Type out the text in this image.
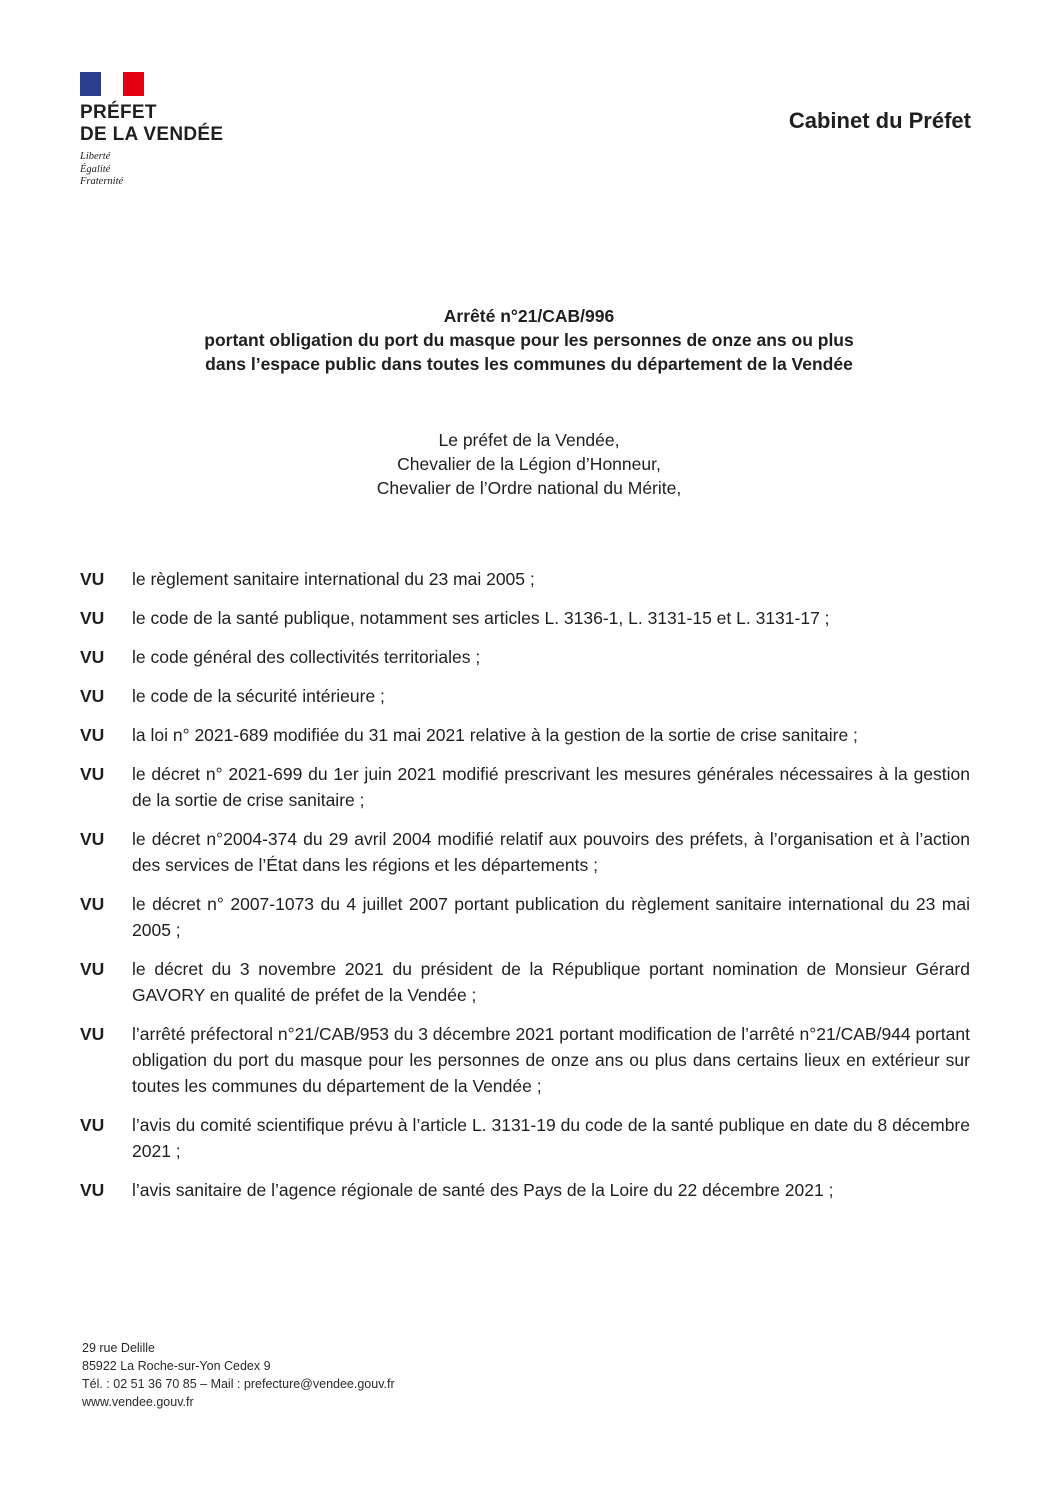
PRÉFET
DE LA VENDÉE
Liberté
Égalité
Fraternité
Cabinet du Préfet
Arrêté n°21/CAB/996
portant obligation du port du masque pour les personnes de onze ans ou plus
dans l’espace public dans toutes les communes du département de la Vendée
Le préfet de la Vendée,
Chevalier de la Légion d’Honneur,
Chevalier de l’Ordre national du Mérite,
VU	le règlement sanitaire international du 23 mai 2005 ;
VU	le code de la santé publique, notamment ses articles L. 3136-1, L. 3131-15 et L. 3131-17 ;
VU	le code général des collectivités territoriales ;
VU	le code de la sécurité intérieure ;
VU	la loi n° 2021-689 modifiée du 31 mai 2021 relative à la gestion de la sortie de crise sanitaire ;
VU	le décret n° 2021-699 du 1er juin 2021 modifié prescrivant les mesures générales nécessaires à la gestion de la sortie de crise sanitaire ;
VU	le décret n°2004-374 du 29 avril 2004 modifié relatif aux pouvoirs des préfets, à l’organisation et à l’action des services de l’État dans les régions et les départements ;
VU	le décret n° 2007-1073 du 4 juillet 2007 portant publication du règlement sanitaire international du 23 mai 2005 ;
VU	le décret du 3 novembre 2021 du président de la République portant nomination de Monsieur Gérard GAVORY en qualité de préfet de la Vendée ;
VU	l’arrêté préfectoral n°21/CAB/953 du 3 décembre 2021 portant modification de l’arrêté n°21/CAB/944 portant obligation du port du masque pour les personnes de onze ans ou plus dans certains lieux en extérieur sur toutes les communes du département de la Vendée ;
VU	l’avis du comité scientifique prévu à l’article L. 3131-19 du code de la santé publique en date du 8 décembre 2021 ;
VU	l’avis sanitaire de l’agence régionale de santé des Pays de la Loire du 22 décembre 2021 ;
29 rue Delille
85922 La Roche-sur-Yon Cedex 9
Tél. : 02 51 36 70 85 – Mail : prefecture@vendee.gouv.fr
www.vendee.gouv.fr
